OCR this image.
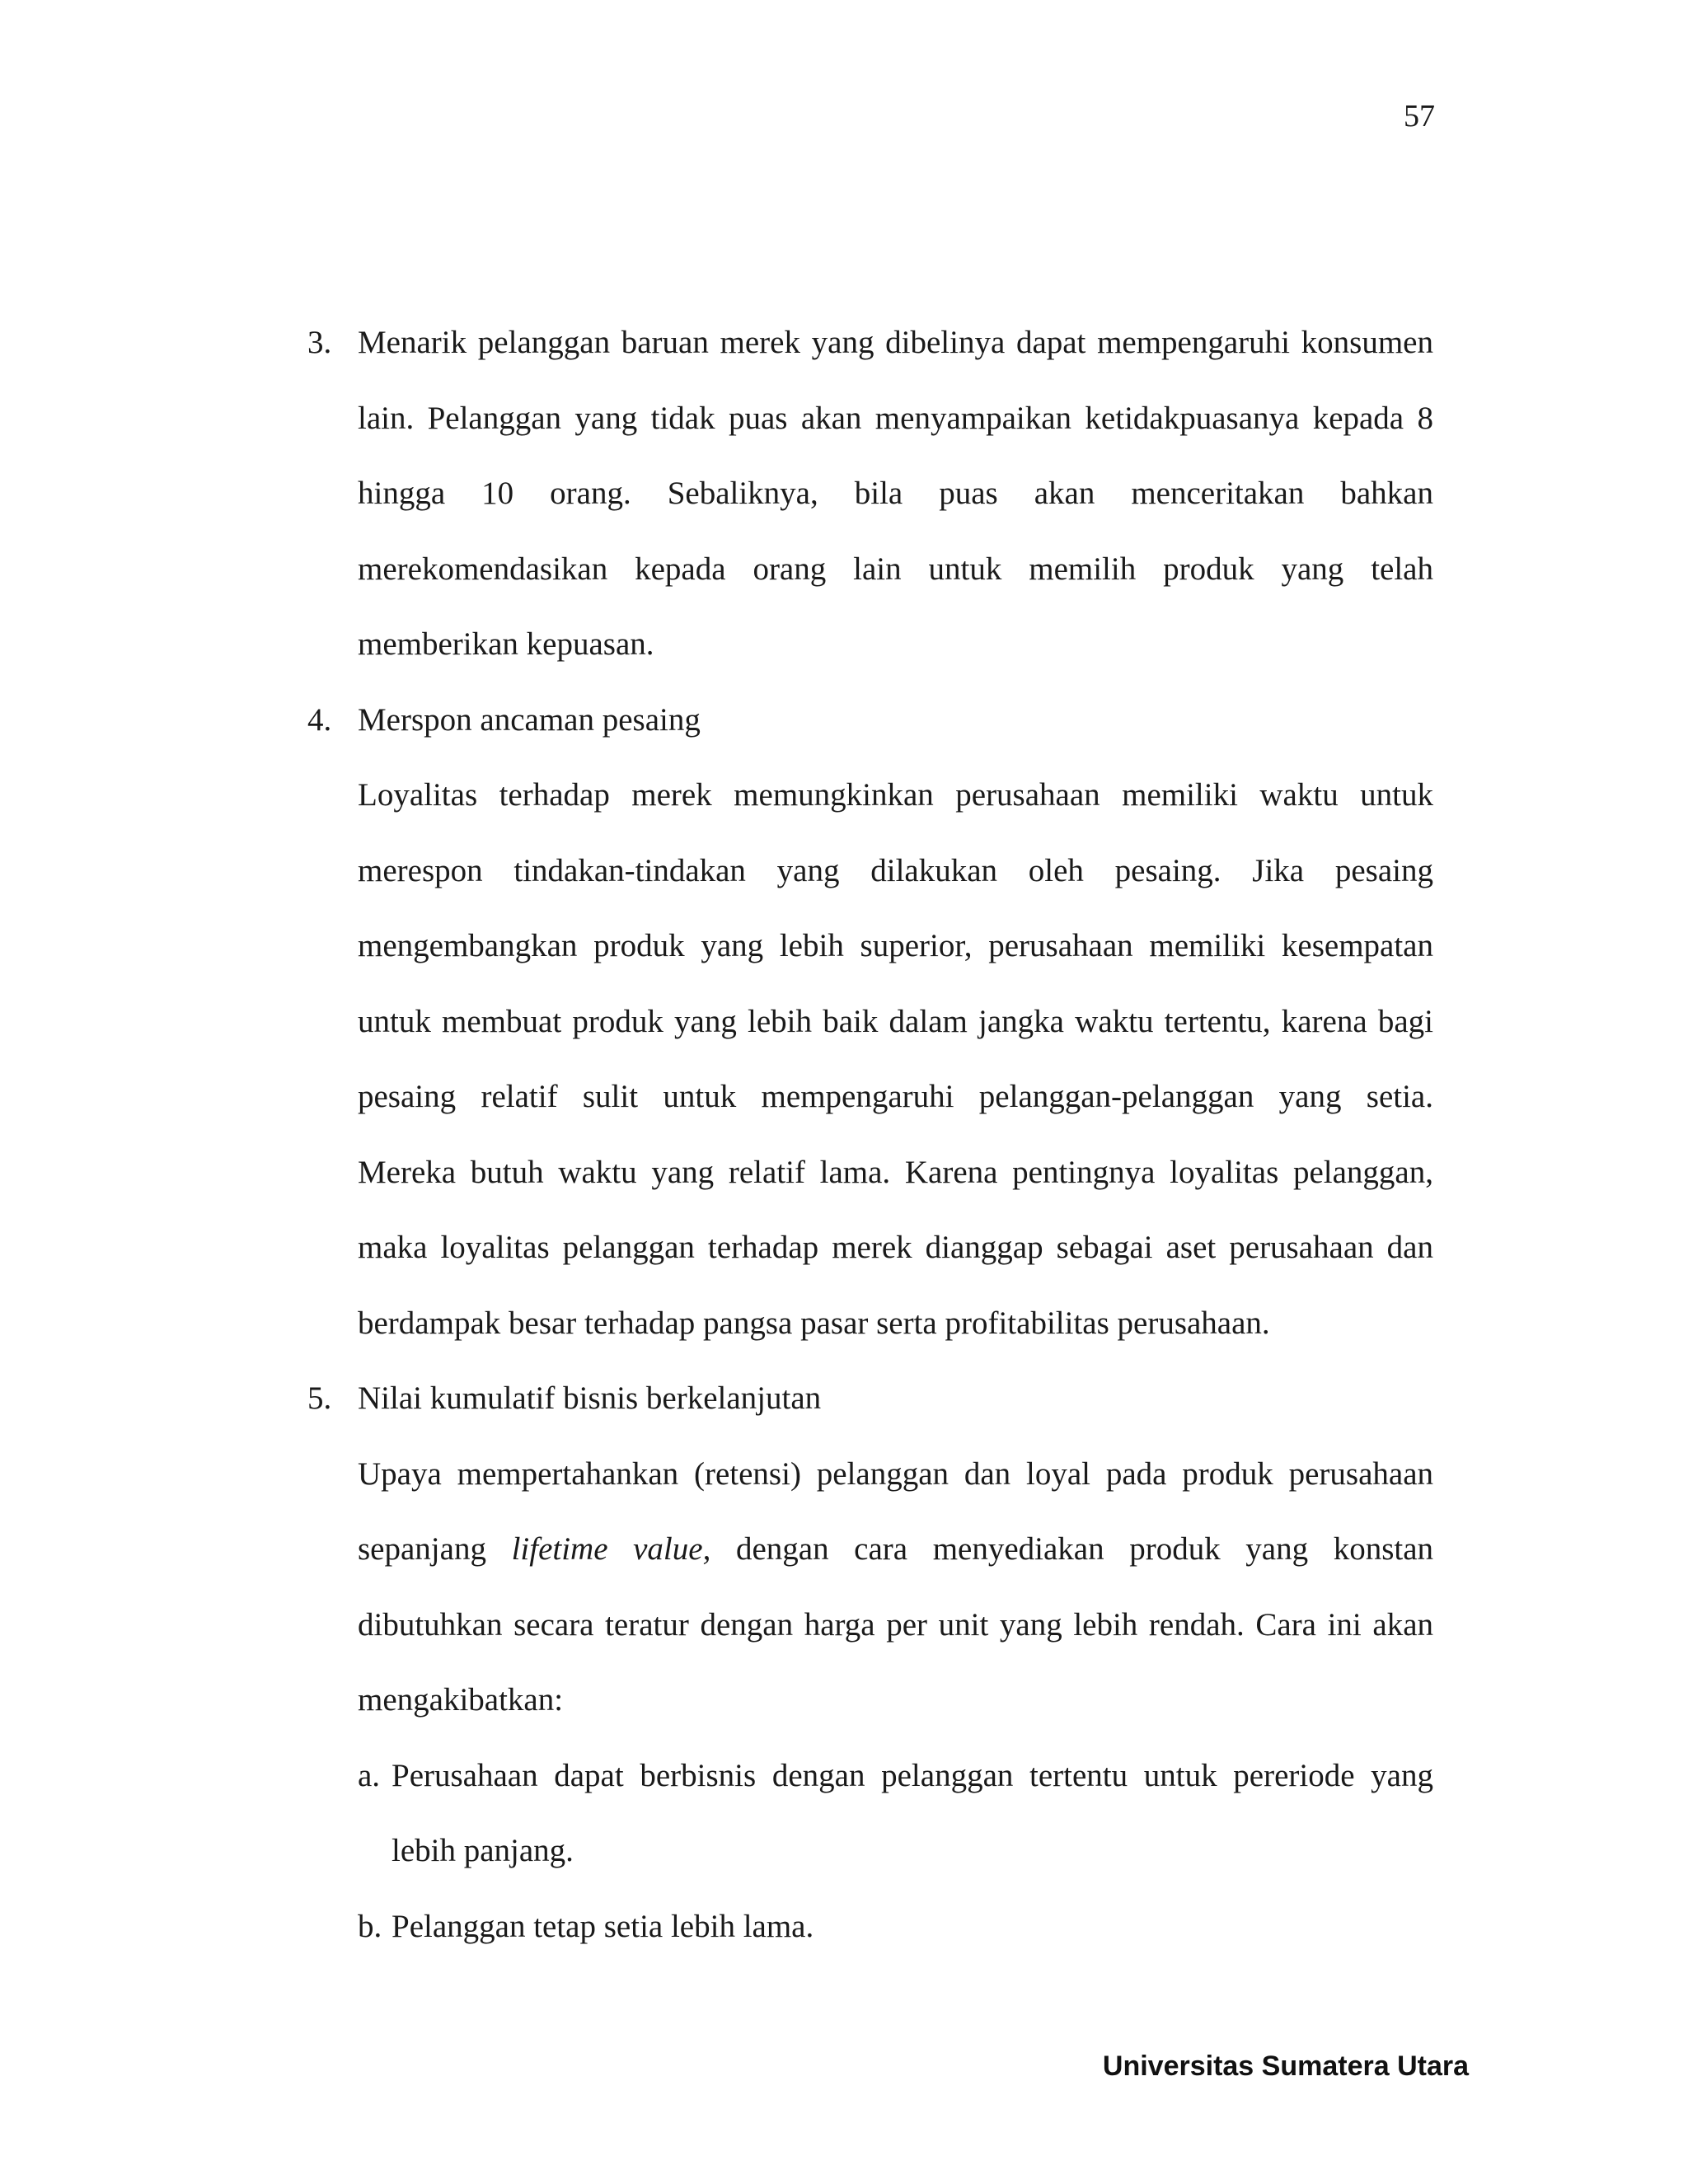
57
3. Menarik pelanggan baruan merek yang dibelinya dapat mempengaruhi konsumen
lain. Pelanggan yang tidak puas akan menyampaikan ketidakpuasanya kepada 8
hingga 10 orang. Sebaliknya, bila puas akan menceritakan bahkan
merekomendasikan kepada orang lain untuk memilih produk yang telah
memberikan kepuasan.
4. Merspon ancaman pesaing
Loyalitas terhadap merek memungkinkan perusahaan memiliki waktu untuk
merespon tindakan-tindakan yang dilakukan oleh pesaing. Jika pesaing
mengembangkan produk yang lebih superior, perusahaan memiliki kesempatan
untuk membuat produk yang lebih baik dalam jangka waktu tertentu, karena bagi
pesaing relatif sulit untuk mempengaruhi pelanggan-pelanggan yang setia.
Mereka butuh waktu yang relatif lama. Karena pentingnya loyalitas pelanggan,
maka loyalitas pelanggan terhadap merek dianggap sebagai aset perusahaan dan
berdampak besar terhadap pangsa pasar serta profitabilitas perusahaan.
5. Nilai kumulatif bisnis berkelanjutan
Upaya mempertahankan (retensi) pelanggan dan loyal pada produk perusahaan
sepanjang lifetime value, dengan cara menyediakan produk yang konstan
dibutuhkan secara teratur dengan harga per unit yang lebih rendah. Cara ini akan
mengakibatkan:
a. Perusahaan dapat berbisnis dengan pelanggan tertentu untuk pereriode yang
lebih panjang.
b. Pelanggan tetap setia lebih lama.
Universitas Sumatera Utara
